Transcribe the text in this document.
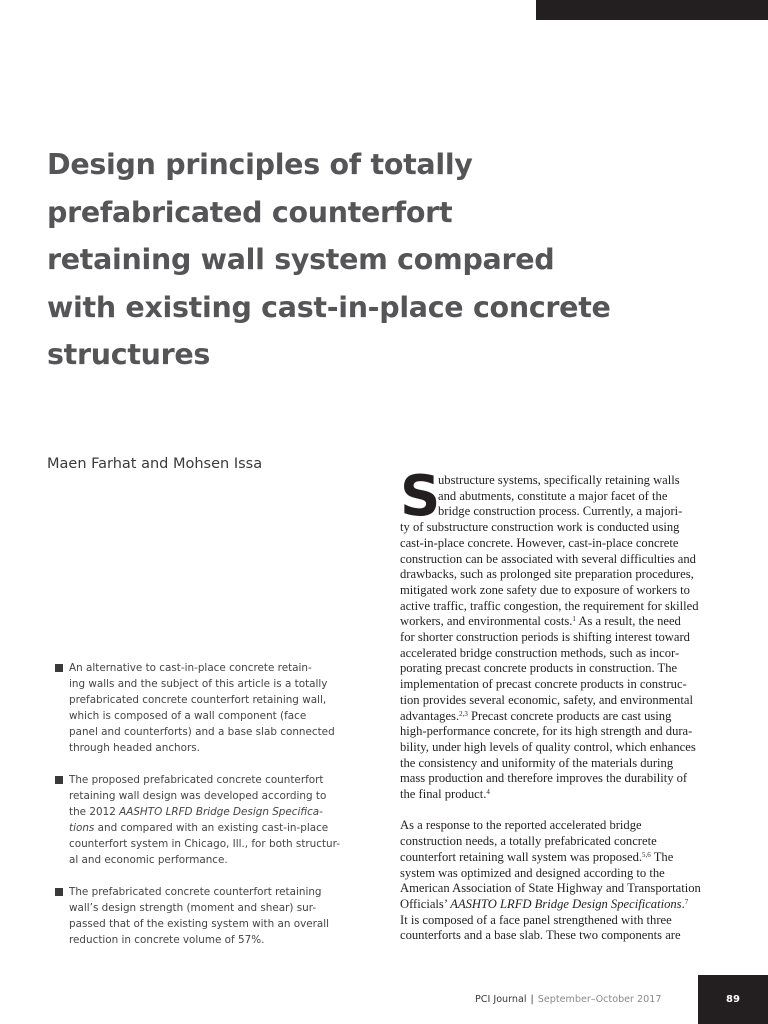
Design principles of totally
prefabricated counterfort
retaining wall system compared
with existing cast-in-place concrete
structures

Maen Farhat and Mohsen Issa

An alternative to cast-in-place concrete retain-
ing walls and the subject of this article is a totally
prefabricated concrete counterfort retaining wall,
which is composed of a wall component (face
panel and counterforts) and a base slab connected
through headed anchors.
The proposed prefabricated concrete counterfort
retaining wall design was developed according to
the 2012 AASHTO LRFD Bridge Design Specifica-
tions and compared with an existing cast-in-place
counterfort system in Chicago, Ill., for both structur-
al and economic performance.
The prefabricated concrete counterfort retaining
wall’s design strength (moment and shear) sur-
passed that of the existing system with an overall
reduction in concrete volume of 57%.
S
ubstructure systems, specifically retaining walls
and abutments, constitute a major facet of the
bridge construction process. Currently, a majori-
ty of substructure construction work is conducted using
cast-in-place concrete. However, cast-in-place concrete
construction can be associated with several difficulties and
drawbacks, such as prolonged site preparation procedures,
mitigated work zone safety due to exposure of workers to
active traffic, traffic congestion, the requirement for skilled
workers, and environmental costs.$^1$ As a result, the need
for shorter construction periods is shifting interest toward
accelerated bridge construction methods, such as incor-
porating precast concrete products in construction. The
implementation of precast concrete products in construc-
tion provides several economic, safety, and environmental
advantages.$^{2,3}$ Precast concrete products are cast using
high-performance concrete, for its high strength and dura-
bility, under high levels of quality control, which enhances
the consistency and uniformity of the materials during
mass production and therefore improves the durability of
the final product.$^4$
As a response to the reported accelerated bridge
construction needs, a totally prefabricated concrete
counterfort retaining wall system was proposed.$^{5,6}$ The
system was optimized and designed according to the
American Association of State Highway and Transportation
Officials’ AASHTO LRFD Bridge Design Specifications.$^7$
It is composed of a face panel strengthened with three
counterforts and a base slab. These two components are

PCI Journal | September–October 2017	89
